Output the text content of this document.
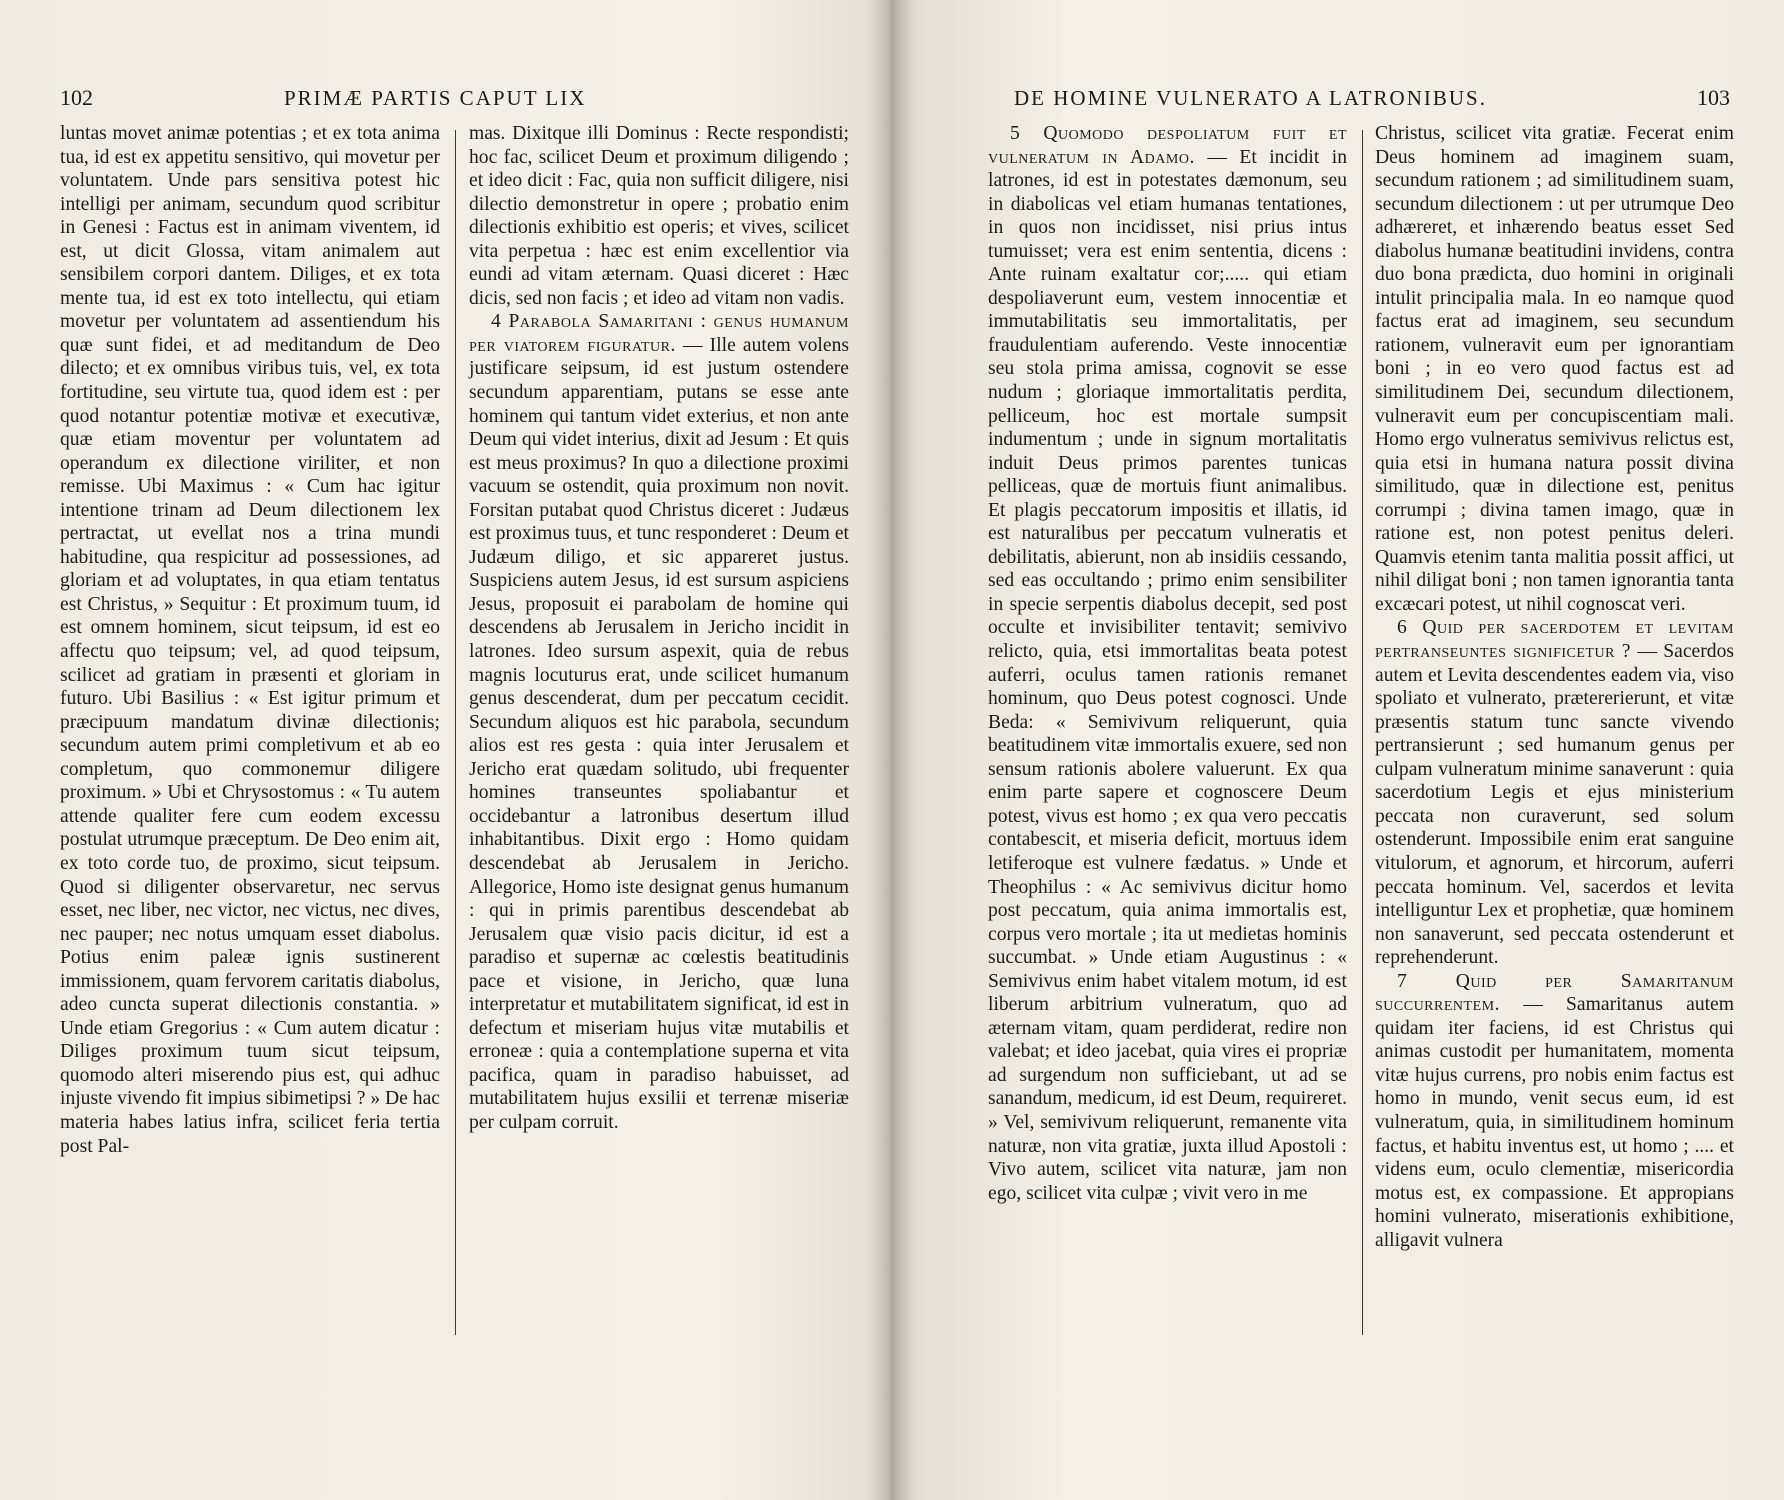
102	PRIMÆ PARTIS CAPUT LIX

luntas movet animæ potentias ; et ex tota anima tua, id est ex appetitu sensitivo, qui movetur per voluntatem. Unde pars sensitiva potest hic intelligi per animam, secundum quod scribitur in Genesi : Factus est in animam viventem, id est, ut dicit Glossa, vitam animalem aut sensibilem corpori dantem. Diliges, et ex tota mente tua, id est ex toto intellectu, qui etiam movetur per voluntatem ad assentiendum his quæ sunt fidei, et ad meditandum de Deo dilecto; et ex omnibus viribus tuis, vel, ex tota fortitudine, seu virtute tua, quod idem est : per quod notantur potentiæ motivæ et executivæ, quæ etiam moventur per voluntatem ad operandum ex dilectione viriliter, et non remisse. Ubi Maximus : « Cum hac igitur intentione trinam ad Deum dilectionem lex pertractat, ut evellat nos a trina mundi habitudine, qua respicitur ad possessiones, ad gloriam et ad voluptates, in qua etiam tentatus est Christus, » Sequitur : Et proximum tuum, id est omnem hominem, sicut teipsum, id est eo affectu quo teipsum; vel, ad quod teipsum, scilicet ad gratiam in præsenti et gloriam in futuro. Ubi Basilius : « Est igitur primum et præcipuum mandatum divinæ dilectionis; secundum autem primi completivum et ab eo completum, quo commonemur diligere proximum. » Ubi et Chrysostomus : « Tu autem attende qualiter fere cum eodem excessu postulat utrumque præceptum. De Deo enim ait, ex toto corde tuo, de proximo, sicut teipsum. Quod si diligenter observaretur, nec servus esset, nec liber, nec victor, nec victus, nec dives, nec pauper; nec notus umquam esset diabolus. Potius enim paleæ ignis sustinerent immissionem, quam fervorem caritatis diabolus, adeo cuncta superat dilectionis constantia. » Unde etiam Gregorius : « Cum autem dicatur : Diliges proximum tuum sicut teipsum, quomodo alteri miserendo pius est, qui adhuc injuste vivendo fit impius sibimetipsi ? » De hac materia habes latius infra, scilicet feria tertia post Pal-

mas. Dixitque illi Dominus : Recte respondisti; hoc fac, scilicet Deum et proximum diligendo ; et ideo dicit : Fac, quia non sufficit diligere, nisi dilectio demonstretur in opere ; probatio enim dilectionis exhibitio est operis; et vives, scilicet vita perpetua : hæc est enim excellentior via eundi ad vitam æternam. Quasi diceret : Hæc dicis, sed non facis ; et ideo ad vitam non vadis.

4 Parabola Samaritani : genus humanum per viatorem figuratur. — Ille autem volens justificare seipsum, id est justum ostendere secundum apparentiam, putans se esse ante hominem qui tantum videt exterius, et non ante Deum qui videt interius, dixit ad Jesum : Et quis est meus proximus? In quo a dilectione proximi vacuum se ostendit, quia proximum non novit. Forsitan putabat quod Christus diceret : Judæus est proximus tuus, et tunc responderet : Deum et Judæum diligo, et sic appareret justus. Suspiciens autem Jesus, id est sursum aspiciens Jesus, proposuit ei parabolam de homine qui descendens ab Jerusalem in Jericho incidit in latrones. Ideo sursum aspexit, quia de rebus magnis locuturus erat, unde scilicet humanum genus descenderat, dum per peccatum cecidit. Secundum aliquos est hic parabola, secundum alios est res gesta : quia inter Jerusalem et Jericho erat quædam solitudo, ubi frequenter homines transeuntes spoliabantur et occidebantur a latronibus desertum illud inhabitantibus. Dixit ergo : Homo quidam descendebat ab Jerusalem in Jericho. Allegorice, Homo iste designat genus humanum : qui in primis parentibus descendebat ab Jerusalem quæ visio pacis dicitur, id est a paradiso et supernæ ac cœlestis beatitudinis pace et visione, in Jericho, quæ luna interpretatur et mutabilitatem significat, id est in defectum et miseriam hujus vitæ mutabilis et erroneæ : quia a contemplatione superna et vita pacifica, quam in paradiso habuisset, ad mutabilitatem hujus exsilii et terrenæ miseriæ per culpam corruit.

DE HOMINE VULNERATO A LATRONIBUS.	103

5 Quomodo despoliatum fuit et vulneratum in Adamo. — Et incidit in latrones, id est in potestates dæmonum, seu in diabolicas vel etiam humanas tentationes, in quos non incidisset, nisi prius intus tumuisset; vera est enim sententia, dicens : Ante ruinam exaltatur cor;..... qui etiam despoliaverunt eum, vestem innocentiæ et immutabilitatis seu immortalitatis, per fraudulentiam auferendo. Veste innocentiæ seu stola prima amissa, cognovit se esse nudum ; gloriaque immortalitatis perdita, pelliceum, hoc est mortale sumpsit indumentum ; unde in signum mortalitatis induit Deus primos parentes tunicas pelliceas, quæ de mortuis fiunt animalibus. Et plagis peccatorum impositis et illatis, id est naturalibus per peccatum vulneratis et debilitatis, abierunt, non ab insidiis cessando, sed eas occultando ; primo enim sensibiliter in specie serpentis diabolus decepit, sed post occulte et invisibiliter tentavit; semivivo relicto, quia, etsi immortalitas beata potest auferri, oculus tamen rationis remanet hominum, quo Deus potest cognosci. Unde Beda: « Semivivum reliquerunt, quia beatitudinem vitæ immortalis exuere, sed non sensum rationis abolere valuerunt. Ex qua enim parte sapere et cognoscere Deum potest, vivus est homo ; ex qua vero peccatis contabescit, et miseria deficit, mortuus idem letiferoque est vulnere fædatus. » Unde et Theophilus : « Ac semivivus dicitur homo post peccatum, quia anima immortalis est, corpus vero mortale ; ita ut medietas hominis succumbat. » Unde etiam Augustinus : « Semivivus enim habet vitalem motum, id est liberum arbitrium vulneratum, quo ad æternam vitam, quam perdiderat, redire non valebat; et ideo jacebat, quia vires ei propriæ ad surgendum non sufficiebant, ut ad se sanandum, medicum, id est Deum, requireret. » Vel, semivivum reliquerunt, remanente vita naturæ, non vita gratiæ, juxta illud Apostoli : Vivo autem, scilicet vita naturæ, jam non ego, scilicet vita culpæ ; vivit vero in me

Christus, scilicet vita gratiæ. Fecerat enim Deus hominem ad imaginem suam, secundum rationem ; ad similitudinem suam, secundum dilectionem : ut per utrumque Deo adhæreret, et inhærendo beatus esset Sed diabolus humanæ beatitudini invidens, contra duo bona prædicta, duo homini in originali intulit principalia mala. In eo namque quod factus erat ad imaginem, seu secundum rationem, vulneravit eum per ignorantiam boni ; in eo vero quod factus est ad similitudinem Dei, secundum dilectionem, vulneravit eum per concupiscentiam mali. Homo ergo vulneratus semivivus relictus est, quia etsi in humana natura possit divina similitudo, quæ in dilectione est, penitus corrumpi ; divina tamen imago, quæ in ratione est, non potest penitus deleri. Quamvis etenim tanta malitia possit affici, ut nihil diligat boni ; non tamen ignorantia tanta excæcari potest, ut nihil cognoscat veri.

6 Quid per sacerdotem et levitam pertranseuntes significetur ? — Sacerdos autem et Levita descendentes eadem via, viso spoliato et vulnerato, prætererierunt, et vitæ præsentis statum tunc sancte vivendo pertransierunt ; sed humanum genus per culpam vulneratum minime sanaverunt : quia sacerdotium Legis et ejus ministerium peccata non curaverunt, sed solum ostenderunt. Impossibile enim erat sanguine vitulorum, et agnorum, et hircorum, auferri peccata hominum. Vel, sacerdos et levita intelliguntur Lex et prophetiæ, quæ hominem non sanaverunt, sed peccata ostenderunt et reprehenderunt.

7 Quid per Samaritanum succurrentem. — Samaritanus autem quidam iter faciens, id est Christus qui animas custodit per humanitatem, momenta vitæ hujus currens, pro nobis enim factus est homo in mundo, venit secus eum, id est vulneratum, quia, in similitudinem hominum factus, et habitu inventus est, ut homo ; .... et videns eum, oculo clementiæ, misericordia motus est, ex compassione. Et appropians homini vulnerato, miserationis exhibitione, alligavit vulnera
